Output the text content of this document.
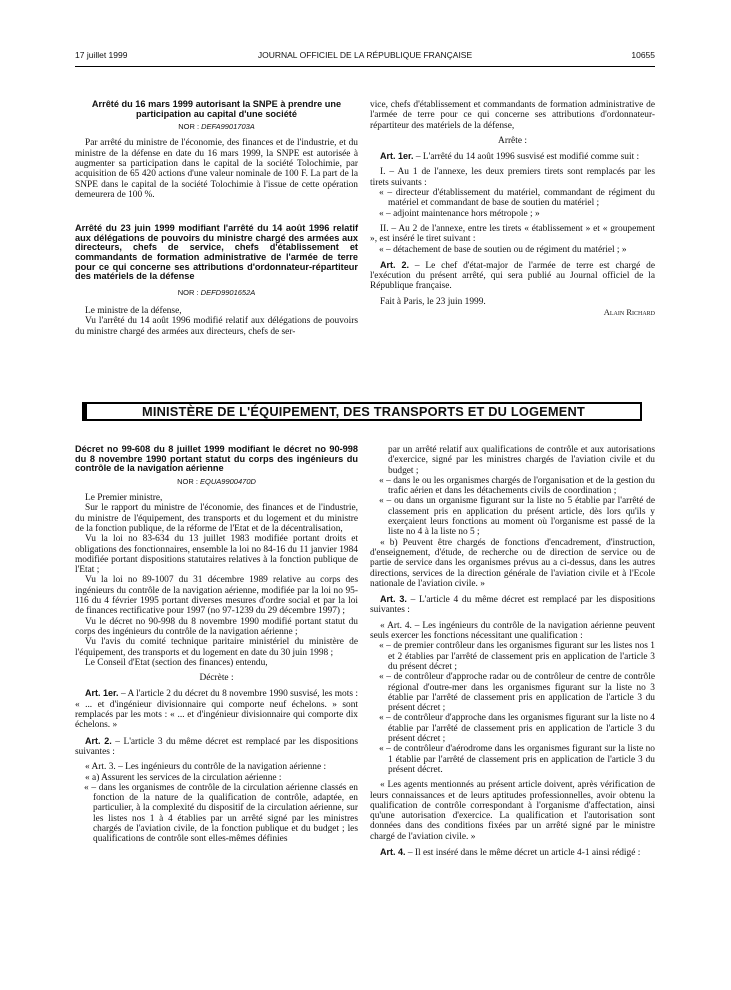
17 juillet 1999	JOURNAL OFFICIEL DE LA RÉPUBLIQUE FRANÇAISE	10655
Arrêté du 16 mars 1999 autorisant la SNPE à prendre une participation au capital d'une société
NOR : DEFA9901703A

Par arrêté du ministre de l'économie, des finances et de l'industrie, et du ministre de la défense en date du 16 mars 1999, la SNPE est autorisée à augmenter sa participation dans le capital de la société Tolochimie, par acquisition de 65 420 actions d'une valeur nominale de 100 F. La part de la SNPE dans le capital de la société Tolochimie à l'issue de cette opération demeurera de 100 %.

Arrêté du 23 juin 1999 modifiant l'arrêté du 14 août 1996 relatif aux délégations de pouvoirs du ministre chargé des armées aux directeurs, chefs de service, chefs d'établissement et commandants de formation administrative de l'armée de terre pour ce qui concerne ses attributions d'ordonnateur-répartiteur des matériels de la défense
NOR : DEFD9901652A

Le ministre de la défense,

Vu l'arrêté du 14 août 1996 modifié relatif aux délégations de pouvoirs du ministre chargé des armées aux directeurs, chefs de ser-

vice, chefs d'établissement et commandants de formation administrative de l'armée de terre pour ce qui concerne ses attributions d'ordonnateur-répartiteur des matériels de la défense,

Arrête :

Art. 1er. – L'arrêté du 14 août 1996 susvisé est modifié comme suit :

I. – Au 1 de l'annexe, les deux premiers tirets sont remplacés par les tirets suivants :

« – directeur d'établissement du matériel, commandant de régiment du matériel et commandant de base de soutien du matériel ;

« – adjoint maintenance hors métropole ; »

II. – Au 2 de l'annexe, entre les tirets « établissement » et « groupement », est inséré le tiret suivant :

« – détachement de base de soutien ou de régiment du matériel ; »

Art. 2. – Le chef d'état-major de l'armée de terre est chargé de l'exécution du présent arrêté, qui sera publié au Journal officiel de la République française.

Fait à Paris, le 23 juin 1999.

Alain Richard

MINISTÈRE DE L'ÉQUIPEMENT, DES TRANSPORTS ET DU LOGEMENT
Décret no 99-608 du 8 juillet 1999 modifiant le décret no 90-998 du 8 novembre 1990 portant statut du corps des ingénieurs du contrôle de la navigation aérienne
NOR : EQUA9900470D

Le Premier ministre,

Sur le rapport du ministre de l'économie, des finances et de l'industrie, du ministre de l'équipement, des transports et du logement et du ministre de la fonction publique, de la réforme de l'Etat et de la décentralisation,

Vu la loi no 83-634 du 13 juillet 1983 modifiée portant droits et obligations des fonctionnaires, ensemble la loi no 84-16 du 11 janvier 1984 modifiée portant dispositions statutaires relatives à la fonction publique de l'Etat ;

Vu la loi no 89-1007 du 31 décembre 1989 relative au corps des ingénieurs du contrôle de la navigation aérienne, modifiée par la loi no 95-116 du 4 février 1995 portant diverses mesures d'ordre social et par la loi de finances rectificative pour 1997 (no 97-1239 du 29 décembre 1997) ;

Vu le décret no 90-998 du 8 novembre 1990 modifié portant statut du corps des ingénieurs du contrôle de la navigation aérienne ;

Vu l'avis du comité technique paritaire ministériel du ministère de l'équipement, des transports et du logement en date du 30 juin 1998 ;

Le Conseil d'Etat (section des finances) entendu,

Décrète :

Art. 1er. – A l'article 2 du décret du 8 novembre 1990 susvisé, les mots : « ... et d'ingénieur divisionnaire qui comporte neuf échelons. » sont remplacés par les mots : « ... et d'ingénieur divisionnaire qui comporte dix échelons. »

Art. 2. – L'article 3 du même décret est remplacé par les dispositions suivantes :

« Art. 3. – Les ingénieurs du contrôle de la navigation aérienne :

« a) Assurent les services de la circulation aérienne :

« – dans les organismes de contrôle de la circulation aérienne classés en fonction de la nature de la qualification de contrôle, adaptée, en particulier, à la complexité du dispositif de la circulation aérienne, sur les listes nos 1 à 4 établies par un arrêté signé par les ministres chargés de l'aviation civile, de la fonction publique et du budget ; les qualifications de contrôle sont elles-mêmes définies

par un arrêté relatif aux qualifications de contrôle et aux autorisations d'exercice, signé par les ministres chargés de l'aviation civile et du budget ;

« – dans le ou les organismes chargés de l'organisation et de la gestion du trafic aérien et dans les détachements civils de coordination ;

« – ou dans un organisme figurant sur la liste no 5 établie par l'arrêté de classement pris en application du présent article, dès lors qu'ils y exerçaient leurs fonctions au moment où l'organisme est passé de la liste no 4 à la liste no 5 ;

« b) Peuvent être chargés de fonctions d'encadrement, d'instruction, d'enseignement, d'étude, de recherche ou de direction de service ou de partie de service dans les organismes prévus au a ci-dessus, dans les autres directions, services de la direction générale de l'aviation civile et à l'Ecole nationale de l'aviation civile. »

Art. 3. – L'article 4 du même décret est remplacé par les dispositions suivantes :

« Art. 4. – Les ingénieurs du contrôle de la navigation aérienne peuvent seuls exercer les fonctions nécessitant une qualification :

« – de premier contrôleur dans les organismes figurant sur les listes nos 1 et 2 établies par l'arrêté de classement pris en application de l'article 3 du présent décret ;

« – de contrôleur d'approche radar ou de contrôleur de centre de contrôle régional d'outre-mer dans les organismes figurant sur la liste no 3 établie par l'arrêté de classement pris en application de l'article 3 du présent décret ;

« – de contrôleur d'approche dans les organismes figurant sur la liste no 4 établie par l'arrêté de classement pris en application de l'article 3 du présent décret ;

« – de contrôleur d'aérodrome dans les organismes figurant sur la liste no 1 établie par l'arrêté de classement pris en application de l'article 3 du présent décret.

« Les agents mentionnés au présent article doivent, après vérification de leurs connaissances et de leurs aptitudes professionnelles, avoir obtenu la qualification de contrôle correspondant à l'organisme d'affectation, ainsi qu'une autorisation d'exercice. La qualification et l'autorisation sont données dans des conditions fixées par un arrêté signé par le ministre chargé de l'aviation civile. »

Art. 4. – Il est inséré dans le même décret un article 4-1 ainsi rédigé :
